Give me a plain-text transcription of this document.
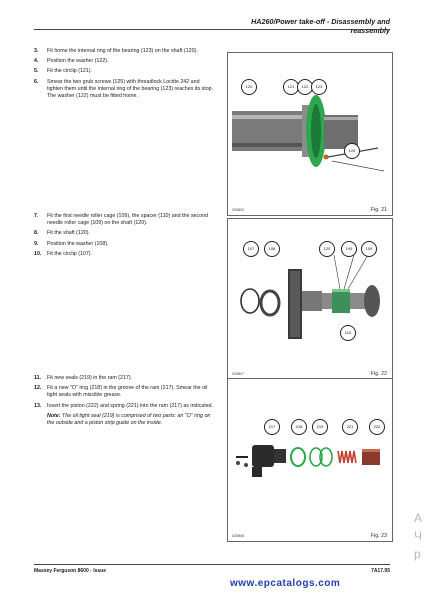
HA260/Power take-off - Disassembly and reassembly
3.	Fit home the internal ring of the bearing (123) on the shaft (120).
4.	Position the washer (122).
5.	Fit the circlip (121).
6.	Smear the two grub screws (125) with threadlock Loctite 242 and tighten them until the internal ring of the bearing (123) reaches its stop. The washer (122) must be fitted home.
120	121	122	123
125
02SM03	Fig. 21
7.	Fit the first needle roller cage (109), the spacer (110) and the second needle roller cage (109) on the shaft (120).
8.	Fit the shaft (120).
9.	Position the washer (108).
10.	Fit the circlip (107).
107	108	120	109	109
110
02SM07	Fig. 22
11.	Fit new seals (219) in the ram (217).
12.	Fit a new "O" ring (218) in the groove of the ram (217). Smear the oil tight seals with miscible grease.
13.	Insert the piston (222) and spring (221) into the ram (217) as indicated.
Note: The oil tight seal (219) is comprised of two parts: an "O" ring on the outside and a piston strip guide on the inside.
217	218	219	221	222
02SM08	Fig. 23
Massey Ferguson 8600 - Issue	7A17.95
www.epcatalogs.com
А
Ч
р
